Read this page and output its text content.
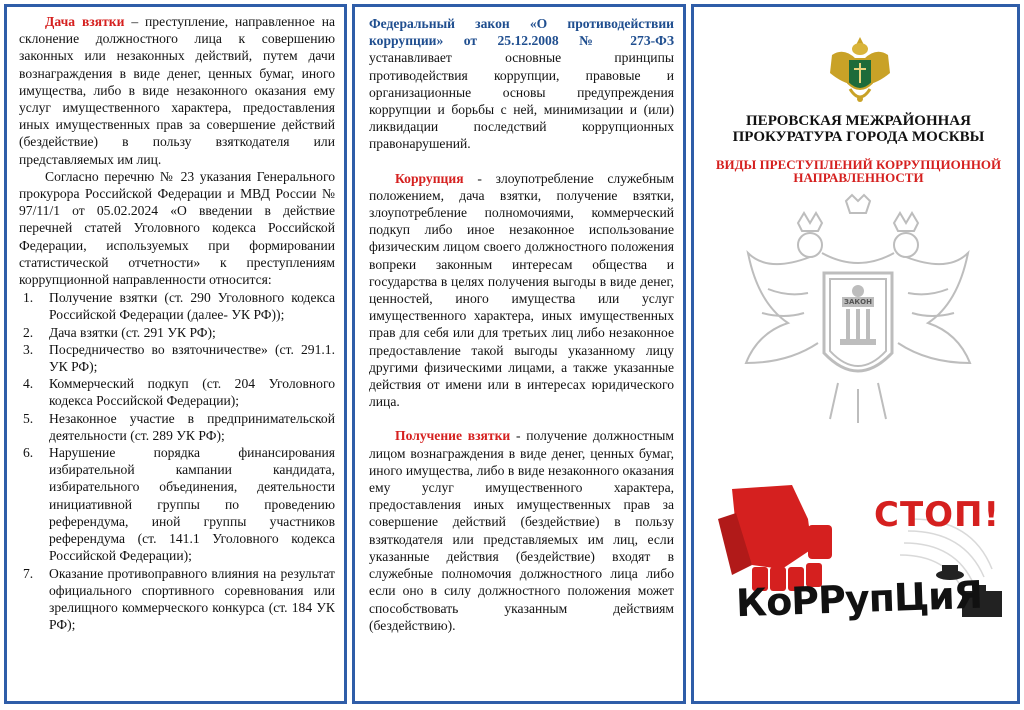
Дача взятки – преступление, направленное на склонение должностного лица к совершению законных или незаконных действий, путем дачи вознаграждения в виде денег, ценных бумаг, иного имущества, либо в виде незаконного оказания ему услуг имущественного характера, предоставления иных имущественных прав за совершение действий (бездействие) в пользу взяткодателя или представляемых им лиц.

Согласно перечню № 23 указания Генерального прокурора Российской Федерации и МВД России № 97/11/1 от 05.02.2024 «О введении в действие перечней статей Уголовного кодекса Российской Федерации, используемых при формировании статистической отчетности» к преступлениям коррупционной направленности относится:

1. Получение взятки (ст. 290 Уголовного кодекса Российской Федерации (далее- УК РФ));
2. Дача взятки (ст. 291 УК РФ);
3. Посредничество во взяточничестве» (ст. 291.1. УК РФ);
4. Коммерческий подкуп (ст. 204 Уголовного кодекса Российской Федерации);
5. Незаконное участие в предпринимательской деятельности (ст. 289 УК РФ);
6. Нарушение порядка финансирования избирательной кампании кандидата, избирательного объединения, деятельности инициативной группы по проведению референдума, иной группы участников референдума (ст. 141.1 Уголовного кодекса Российской Федерации);
7. Оказание противоправного влияния на результат официального спортивного соревнования или зрелищного коммерческого конкурса (ст. 184 УК РФ);

Федеральный закон «О противодействии коррупции» от 25.12.2008 № 273-ФЗ устанавливает основные принципы противодействия коррупции, правовые и организационные основы предупреждения коррупции и борьбы с ней, минимизации и (или) ликвидации последствий коррупционных правонарушений.

Коррупция - злоупотребление служебным положением, дача взятки, получение взятки, злоупотребление полномочиями, коммерческий подкуп либо иное незаконное использование физическим лицом своего должностного положения вопреки законным интересам общества и государства в целях получения выгоды в виде денег, ценностей, иного имущества или услуг имущественного характера, иных имущественных прав для себя или для третьих лиц либо незаконное предоставление такой выгоды указанному лицу другими физическими лицами, а также указанные действия от имени или в интересах юридического лица.

Получение взятки - получение должностным лицом вознаграждения в виде денег, ценных бумаг, иного имущества, либо в виде незаконного оказания ему услуг имущественного характера, предоставления иных имущественных прав за совершение действий (бездействие) в пользу взяткодателя или представляемых им лиц, если указанные действия (бездействие) входят в служебные полномочия должностного лица либо если оно в силу должностного положения может способствовать указанным действиям (бездействию).

ПЕРОВСКАЯ МЕЖРАЙОННАЯ ПРОКУРАТУРА ГОРОДА МОСКВЫ
ВИДЫ ПРЕСТУПЛЕНИЙ КОРРУПЦИОННОЙ НАПРАВЛЕННОСТИ
ЗАКОН
СТОП!
КоРРупЦиЯ
